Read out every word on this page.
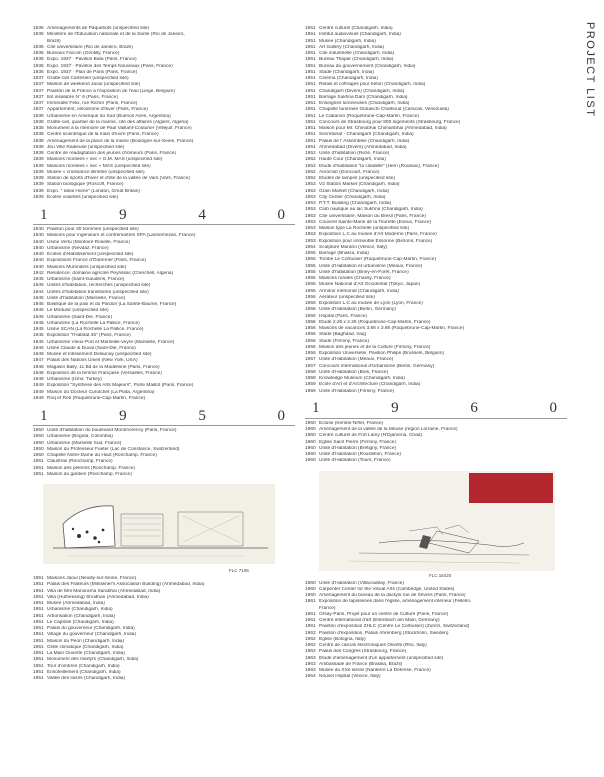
PROJECT LIST
1936 Aménagements de Paquebots (unspecified site)
1936 Ministère de l'Education nationale et de la Santé (Rio de Janeiro,
Brazil)
1936 Cité universitaire (Rio de Janeiro, Brazil)
1936 Bureaux Faccim (Gentilly, France)
1936 Expo. 1937 · Pavillon Bata (Paris, France)
1936 Expo. 1937 · Pavillon des Temps Nouveaux (Paris, France)
1936 Expo. 1937 · Plan de Paris (Paris, France)
1937 Gratte-ciel Cartésien (unspecified site)
1937 Maison de weekend Jaoul (unspecified site)
1937 Pavillon de la France à l'exposition de l'eau (Liege, Belgium)
1937 Îlot insalubre N° 6 (Paris, France)
1937 Immeuble Félix, rue Richer (Paris, France)
1937 Appartement, vélodrome d'hiver (Paris, France)
1938 Urbanisme en Amerique du Sud (Buenos Aires, Argentina)
1938 Gratte-ciel, quartier de la marine, cité des affaires (Algiers, Algeria)
1938 Monument à la mémoire de Paul Vaillant-Couturier (Villejuif, France)
1938 Centre scientifique de la main d'luvre (Paris, France)
1938 Aménagement de la place de la mairie (Boulogne-sur-Seine, France)
1938 Jeu Ville Radieuse (unspecified site)
1938 Centre de réadaptation des jeunes chômeurs (Paris, France)
1939 Maisons montées « sec » G.M. MAS (unspecified site)
1939 Maisons montées « sec » MAS (unspecified site)
1939 Musée « croissance illimitée (unspecified site)
1939 Station de sports d'hiver et d'été de la vallée de Vars (Vars, France)
1939 Station biologique (Roscoff, France)
1939 Expo. " Ideal Home" (London, Great Britain)
1939 Ecoles volantes (unspecified site)
1	9	4	0
1940 Pavillon pour 40 hommes (unspecified site)
1940 Maisons pour ingénieurs et contremaîtres SPA (Lannemezan, France)
1940 Usine Vertu (Montoire Roselle, France)
1940 Urbanisme (Nevdaz, France)
1940 Ecoles d'établissement (unspecified site)
1940 Expositions France d'Outremer (Paris, France)
1940 Maisons Murondins (unspecified site)
1942 Résidence, domaine agricole Peyrissac (Cherchell, Algeria)
1945 Urbanisme (Saint-Gaudens, France)
1945 Unités d'habitation, recherches (unspecified site)
1944 Unités d'habitation transitoires (unspecified site)
1945 Unité d'habitation (Marseille, France)
1945 Basilique de la paix et du Pardon (La Sainte-Baume, France)
1945 Le Modulor (unspecified site)
1945 Urbanisme (Saint-Dié, France)
1945 Urbanisme (La Rochelle La Pallice, France)
1945 Usine SCAN (La Rochelle La Pallice, France)
1945 Exposition "l'Habitat 45" (Paris, France)
1945 Urbanisme Vieux-Port et Marseille-veyre (Marseille, France)
1946 Usine Claude & Duval (Saint-Dié, France)
1946 Musée et lotissement Delaunay (unspecified site)
1947 Palais des Nations Unies (New York, USA)
1948 Magasin Bally, 11 Bd de la Madeleine (Paris, France)
1948 Exposition de la femme Française (Versailles, France)
1948 Urbanisme (Izmir, Turkey)
1949 Exposition "Synthèse des Arts Majeurs", Porte Maillot (Paris, France)
1949 Maison du Docteur Curutchet (La Plata, Argentina)
1949 Roq et Rob (Roquebrune-Cap-Martin, France)
1	9	5	0
1950 Unité d'habitation du boulevard Montmorency (Paris, France)
1950 Urbanisme (Bogota, Colombia)
1950 Urbanisme (Marseille Sud, France)
1950 Maison du Professeur Fueter (Lac de Constance, Switzerland)
1950 Chapelle Notre-Dame du Haut (Ronchamp, France)
1951 Claustras (Ronchamp, France)
1951 Maison des pèlerins (Ronchamp, France)
1951 Maison du gardien (Ronchamp, France)
FLC 7106
1951 Maisons Jaoul (Neuilly-sur-Seine, France)
1951 Palais des Filateurs (Millowner's Association Building) (Ahmedabad, India)
1951 Villa de Mrs Manorama Sarabhai (Ahmedabad, India)
1951 Villa (Hutheesing) Shodhan (Ahmedabad, India)
1951 Musée (Ahmedabad, India)
1951 Urbanisme (Chandigarh, India)
1951 Arborisation (Chandigarh, India)
1951 Le Capitole (Chandigarh, India)
1951 Palais du gouverneur (Chandigarh, India)
1951 Village du gouverneur (Chandigarh, India)
1951 Maison du Peon (Chandigarh, India)
1951 Grille climatique (Chandigarh, India)
1951 La Main Ouverte (Chandigarh, India)
1951 Monument des martyrs (Chandigarh, India)
1951 Tour d'ombres (Chandigarh, India)
1951 Ensoleillement (Chandigarh, India)
1951 Vallée des loisirs (Chandigarh, India)
1951 Centre culturel (Chandigarh, India)
1951 Institut audiovisuel (Chandigarh, India)
1951 Musée (Chandigarh, India)
1951 Art Gallery (Chandigarh, India)
1951 Cité industrielle (Chandigarh, India)
1951 Bureau Thapar (Chandigarh, India)
1951 Bureau du gouvernement (Chandigarh, India)
1951 Stade (Chandigarh, India)
1951 Cinéma (Chandigarh, India)
1951 Relais et coffrages pour béton (Chandigarh, India)
1951 Chandigarh (Divers) (Chandigarh, India)
1951 Barrage Sukhna Dam (Chandigarh, India)
1951 Enseignes lumineuses (Chandigarh, India)
1951 Chapelle funéraire Gidueichi Chalhoud (Caracas, Venezuela)
1951 Le Cabanon (Roquebrune-Cap-Martin, France)
1951 Concours de Strasbourg pour 800 logements (Strasbourg, France)
1951 Maison pour Mr. Chinubhai Chimanbhai (Ahmedabad, India)
1951 Secretariat · Chandigarh (Chandigarh, India)
1951 Palais de l' Assemblée (Chandigarh, India)
1951 Ahmedabad (Divers) (Ahmedabad, India)
1952 Unité d'habitation (Rezé, France)
1952 Haute Cour (Chandigarh, India)
1952 Etude d'habitation "la citadelle" (Hem (Roubaix), France)
1952 Aeroclub (Doncourt, France)
1952 Etudes de lampes (unspecified site)
1953 V2 Station Market (Chandigarh, India)
1953 Grain Market (Chandigarh, India)
1953 City Center (Chandigarh, India)
1953 P.T.T. Building (Chandigarh, India)
1953 Club nautique au lac Sukhna (Chandigarh, India)
1953 Cite universitaire, Maison du Bresil (Paris, France)
1953 Couvent Sainte-Marie de la Tourette (Eveux, France)
1953 Maison type La Rochelle (unspecified site)
1953 Exposition L.C au musee d'Art Moderne (Paris, France)
1953 Exposition pour immeuble Essonne (Bezons, France)
1954 Sculpture Murano (Venice, Italy)
1955 Barrage (Bhakra, India)
1955 Tombe Le Corbusier (Roquebrune-Cap-Martin, France)
1955 Unité d'Habitation et urbanisme (Meaux, France)
1955 Unité d'habitation (Briey-en-Forêt, France)
1955 Maisons rurales (Chassy, France)
1955 Musée National d'Art Occidental (Tokyo, Japan)
1955 Armitoir mémorial (Chandigarh, India)
1956 Aérateur (unspecified site)
1956 Exposition L.C au musée de Lyon (Lyon, France)
1956 Unité d'Habitation (Berlin, Germany)
1956 Hôpital (Paris, France)
1956 Etude 2.26 x 2.26 (Roquebrune-Cap-Martin, France)
1956 Maisons de vacances 3.66 x 3.66 (Roquebrune-Cap-Martin, France)
1956 Stade (Baghdad, Iraq)
1956 Stade (Firminy, France)
1956 Maison des jeunes et de la Culture (Firminy, France)
1956 Exposition Universelle, Pavillon Philips (Brussels, Belgium)
1957 Unité d'Habitation (Meaux, France)
1957 Concours international d'Urbanisme (Berlin, Germany)
1958 Unité d'Habitation (Bois, France)
1958 Knowledge Museum (Chandigarh, India)
1959 Ecole d'Art et d'Architecture (Chandigarh, India)
1959 Unité d'Habitation (Firminy, France)
1	9	6	0
1960 Ecluse (Kembs-Niffer, France)
1960 Aménagement de la vallée de la Meuse (region Lorraine, France)
1960 Centre culturel de Fort Lamy (N'Djamena, Chad)
1960 Eglise Saint Pierre (Firminy, France)
1960 Unité d'Habitation (Bretigny, France)
1960 Unité d'Habitation (Roussillon, France)
1960 Unité d'Habitation (Tours, France)
FLC 16420
1960 Unité d'Habitation (Villacoublay, France)
1960 Carpenter Center for the Visual Arts (Cambridge, United States)
1960 Aménagement du bureau de la dactylo rue de Sèvres (Paris, France)
1961 Exposition de tapisseries dans l'église, aménagement intérieur (Felletin,
France)
1961 Orsay-Paris, Projet pour un centre de Culture (Paris, France)
1961 Centre international d'art (Erlenbach am Main, Germany)
1961 Pavillon d'exposition ZHLC (Centre Le Corbusier) (Zurich, Switzerland)
1962 Pavillon d'exposition, Palais Ahrenberg (Stockholm, Sweden)
1962 Eglise (Bologna, Italy)
1962 Centre de calculs électroniques Olivetti (Rho, Italy)
1962 Palais des Congrès (Strasbourg, France)
1963 Etude d'aménagement d'un appartement (unspecified site)
1963 Ambassade de France (Brasilia, Brazil)
1963 Musée du XXè siècle (Nanterre La Défense, France)
1964 Nouvel Hôpital (Venice, Italy)
